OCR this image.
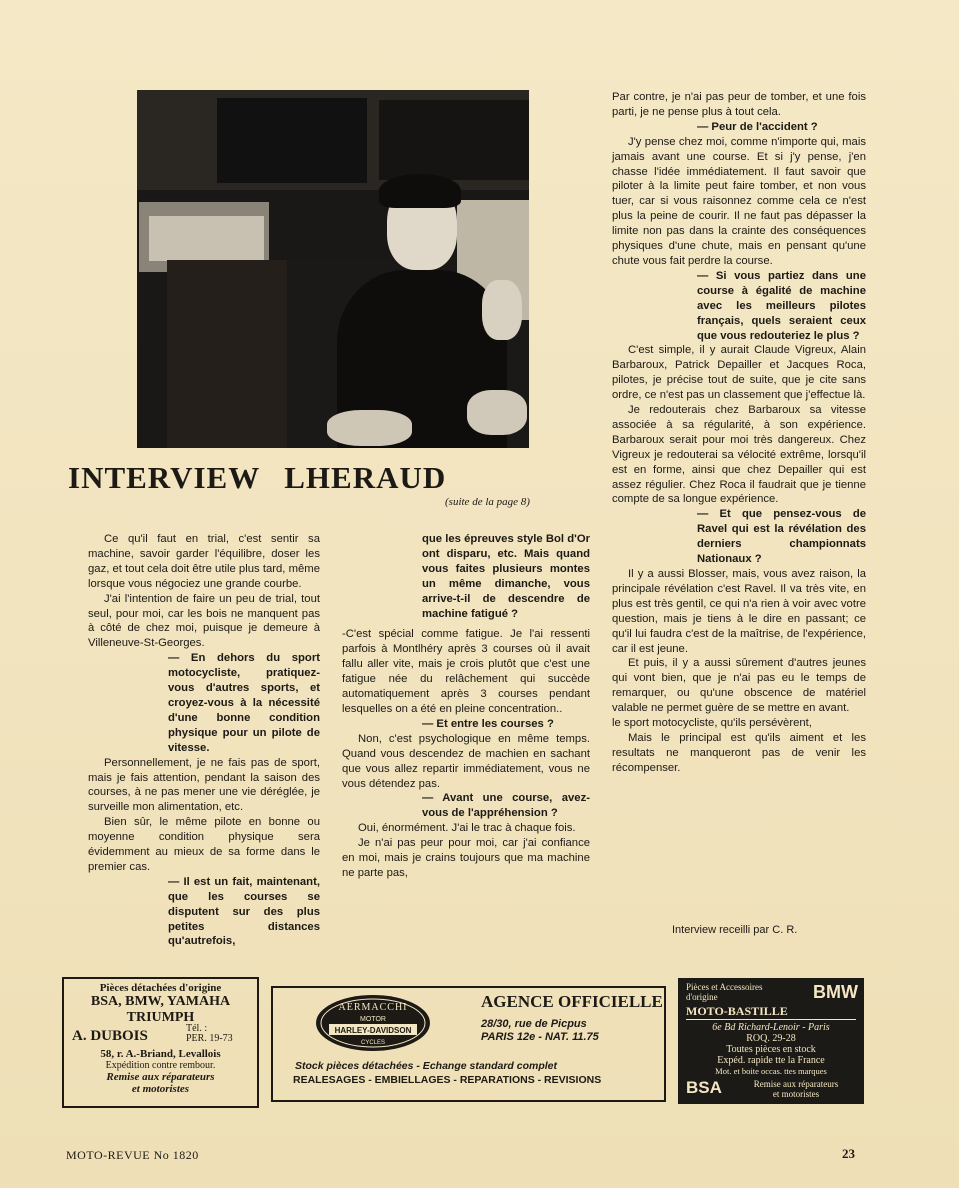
INTERVIEW LHERAUD
(suite de la page 8)

Ce qu'il faut en trial, c'est sentir sa machine, savoir garder l'équilibre, doser les gaz, et tout cela doit être utile plus tard, même lorsque vous négociez une grande courbe.

J'ai l'intention de faire un peu de trial, tout seul, pour moi, car les bois ne manquent pas à côté de chez moi, puisque je demeure à Villeneuve-St-Georges.

— En dehors du sport motocycliste, pratiquez-vous d'autres sports, et croyez-vous à la nécessité d'une bonne condition physique pour un pilote de vitesse.

Personnellement, je ne fais pas de sport, mais je fais attention, pendant la saison des courses, à ne pas mener une vie déréglée, je surveille mon alimentation, etc.

Bien sûr, le même pilote en bonne ou moyenne condition physique sera évidemment au mieux de sa forme dans le premier cas.

— Il est un fait, maintenant, que les courses se disputent sur des plus petites distances qu'autrefois,

que les épreuves style Bol d'Or ont disparu, etc. Mais quand vous faites plusieurs montes un même dimanche, vous arrive-t-il de descendre de machine fatigué ?

-C'est spécial comme fatigue. Je l'ai ressenti parfois à Montlhéry après 3 courses où il avait fallu aller vite, mais je crois plutôt que c'est une fatigue née du relâchement qui succède automatiquement après 3 courses pendant lesquelles on a été en pleine concentration..

— Et entre les courses ?

Non, c'est psychologique en même temps. Quand vous descendez de machien en sachant que vous allez repartir immédiatement, vous ne vous détendez pas.

— Avant une course, avez-vous de l'appréhension ?

Oui, énormément. J'ai le trac à chaque fois.

Je n'ai pas peur pour moi, car j'ai confiance en moi, mais je crains toujours que ma machine ne parte pas,

Par contre, je n'ai pas peur de tomber, et une fois parti, je ne pense plus à tout cela.

— Peur de l'accident ?

J'y pense chez moi, comme n'importe qui, mais jamais avant une course. Et si j'y pense, j'en chasse l'idée immédiatement. Il faut savoir que piloter à la limite peut faire tomber, et non vous tuer, car si vous raisonnez comme cela ce n'est plus la peine de courir. Il ne faut pas dépasser la limite non pas dans la crainte des conséquences physiques d'une chute, mais en pensant qu'une chute vous fait perdre la course.

— Si vous partiez dans une course à égalité de machine avec les meilleurs pilotes français, quels seraient ceux que vous redouteriez le plus ?

C'est simple, il y aurait Claude Vigreux, Alain Barbaroux, Patrick Depailler et Jacques Roca, pilotes, je précise tout de suite, que je cite sans ordre, ce n'est pas un classement que j'effectue là.

Je redouterais chez Barbaroux sa vitesse associée à sa régularité, à son expérience. Barbaroux serait pour moi très dangereux. Chez Vigreux je redouterai sa vélocité extrême, lorsqu'il est en forme, ainsi que chez Depailler qui est assez régulier. Chez Roca il faudrait que je tienne compte de sa longue expérience.

— Et que pensez-vous de Ravel qui est la révélation des derniers championnats Nationaux ?

Il y a aussi Blosser, mais, vous avez raison, la principale révélation c'est Ravel. Il va très vite, en plus est très gentil, ce qui n'a rien à voir avec votre question, mais je tiens à le dire en passant; ce qu'il lui faudra c'est de la maîtrise, de l'expérience, car il est jeune.

Et puis, il y a aussi sûrement d'autres jeunes qui vont bien, que je n'ai pas eu le temps de remarquer, ou qu'une obscence de matériel valable ne permet guère de se mettre en avant.

le sport motocycliste, qu'ils persévèrent,

Mais le principal est qu'ils aiment et les resultats ne manqueront pas de venir les récompenser.

Interview receilli par C. R.
Pièces détachées d'origine
BSA, BMW, YAMAHA
TRIUMPH
A. DUBOIS	Tél. :
PER. 19-73
58, r. A.-Briand, Levallois
Expédition contre rembour.
Remise aux réparateurs
et motoristes
AERMACCHI
MOTOR
HARLEY-DAVIDSON
CYCLES
AGENCE OFFICIELLE
28/30, rue de Picpus
PARIS 12e - NAT. 11.75
Stock pièces détachées - Echange standard complet
REALESAGES - EMBIELLAGES - REPARATIONS - REVISIONS
Pièces et Accessoires
d'origine	BMW
MOTO-BASTILLE
6e Bd Richard-Lenoir - Paris
ROQ. 29-28
Toutes pièces en stock
Expéd. rapide tte la France
Mot. et boite occas. ttes marques
BSA	Remise aux réparateurs
et motoristes
MOTO-REVUE No 1820	23
